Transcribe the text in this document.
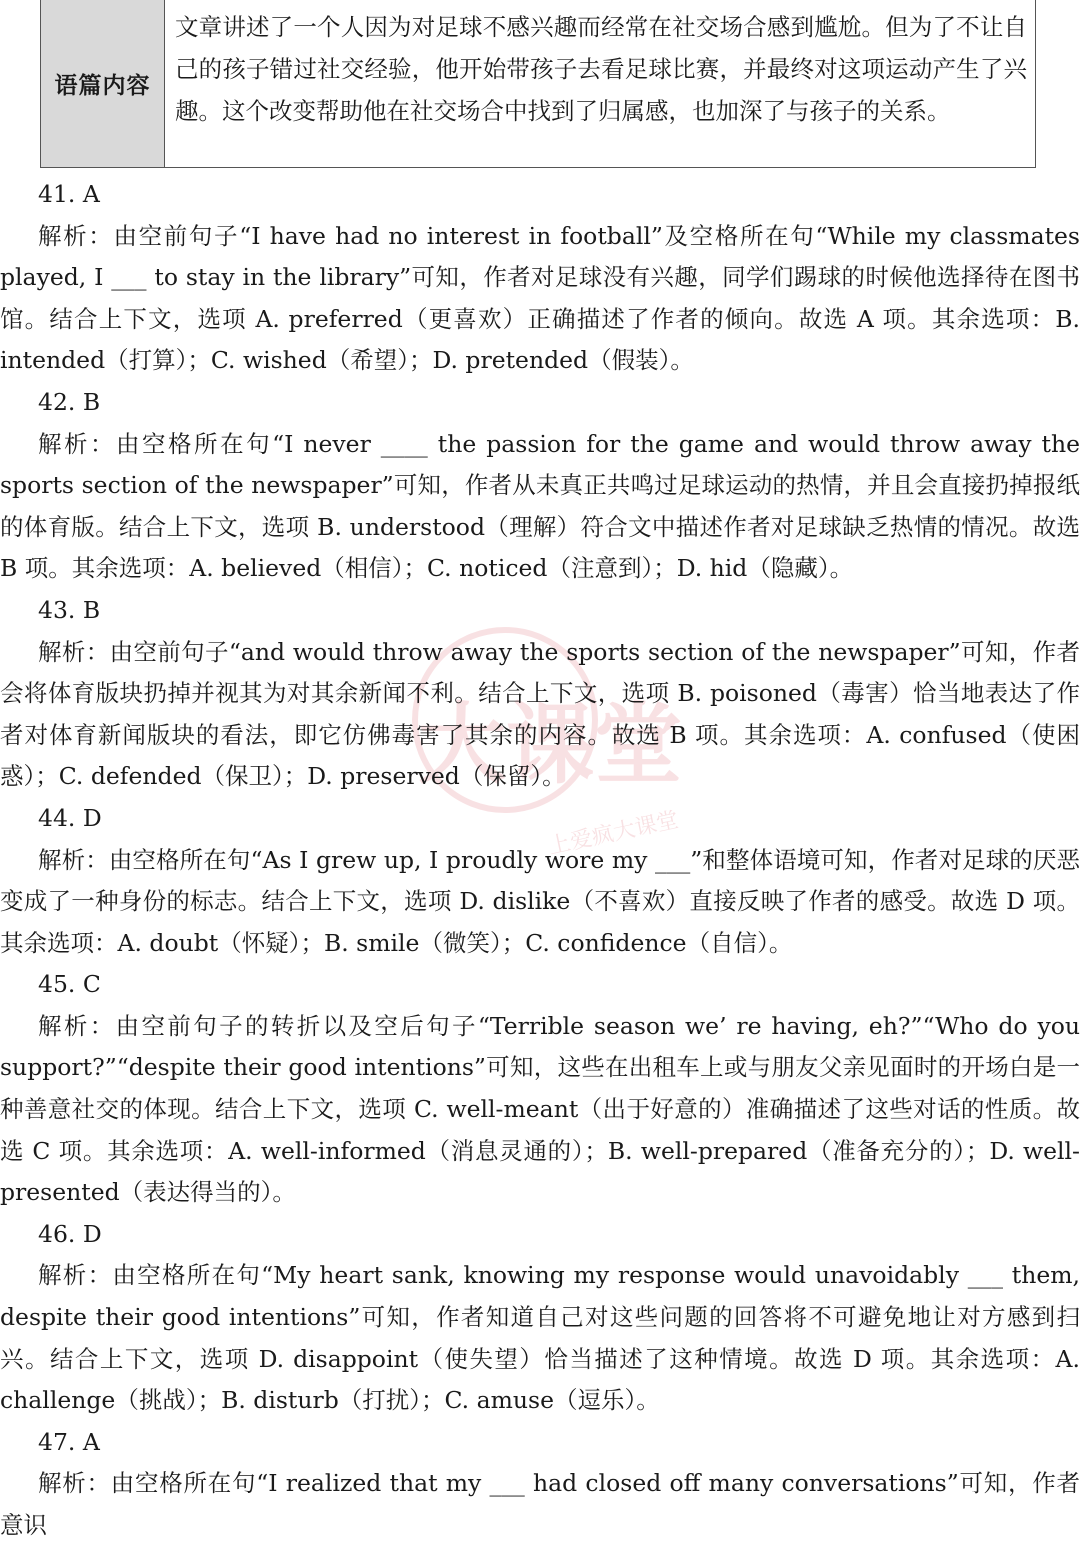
语篇内容
文章讲述了一个人因为对足球不感兴趣而经常在社交场合感到尴尬。但为了不让自己的孩子错过社交经验，他开始带孩子去看足球比赛，并最终对这项运动产生了兴趣。这个改变帮助他在社交场合中找到了归属感，也加深了与孩子的关系。
大课堂
上爱疯大课堂

41. A

解析：由空前句子“I have had no interest in football”及空格所在句“While my classmates played, I ___ to stay in the library”可知，作者对足球没有兴趣，同学们踢球的时候他选择待在图书馆。结合上下文，选项 A. preferred（更喜欢）正确描述了作者的倾向。故选 A 项。其余选项：B. intended（打算）；C. wished（希望）；D. pretended（假装）。

42. B

解析：由空格所在句“I never ____ the passion for the game and would throw away the sports section of the newspaper”可知，作者从未真正共鸣过足球运动的热情，并且会直接扔掉报纸的体育版。结合上下文，选项 B. understood（理解）符合文中描述作者对足球缺乏热情的情况。故选 B 项。其余选项：A. believed（相信）；C. noticed（注意到）；D. hid（隐藏）。

43. B

解析：由空前句子“and would throw away the sports section of the newspaper”可知，作者会将体育版块扔掉并视其为对其余新闻不利。结合上下文，选项 B. poisoned（毒害）恰当地表达了作者对体育新闻版块的看法，即它仿佛毒害了其余的内容。故选 B 项。其余选项：A. confused（使困惑）；C. defended（保卫）；D. preserved（保留）。

44. D

解析：由空格所在句“As I grew up, I proudly wore my ___”和整体语境可知，作者对足球的厌恶变成了一种身份的标志。结合上下文，选项 D. dislike（不喜欢）直接反映了作者的感受。故选 D 项。其余选项：A. doubt（怀疑）；B. smile（微笑）；C. confidence（自信）。

45. C

解析：由空前句子的转折以及空后句子“Terrible season we’ re having, eh?”“Who do you support?”“despite their good intentions”可知，这些在出租车上或与朋友父亲见面时的开场白是一种善意社交的体现。结合上下文，选项 C. well-meant（出于好意的）准确描述了这些对话的性质。故选 C 项。其余选项：A. well-informed（消息灵通的）；B. well-prepared（准备充分的）；D. well-presented（表达得当的）。

46. D

解析：由空格所在句“My heart sank, knowing my response would unavoidably ___ them, despite their good intentions”可知，作者知道自己对这些问题的回答将不可避免地让对方感到扫兴。结合上下文，选项 D. disappoint（使失望）恰当描述了这种情境。故选 D 项。其余选项：A. challenge（挑战）；B. disturb（打扰）；C. amuse（逗乐）。

47. A

解析：由空格所在句“I realized that my ___ had closed off many conversations”可知，作者意识
